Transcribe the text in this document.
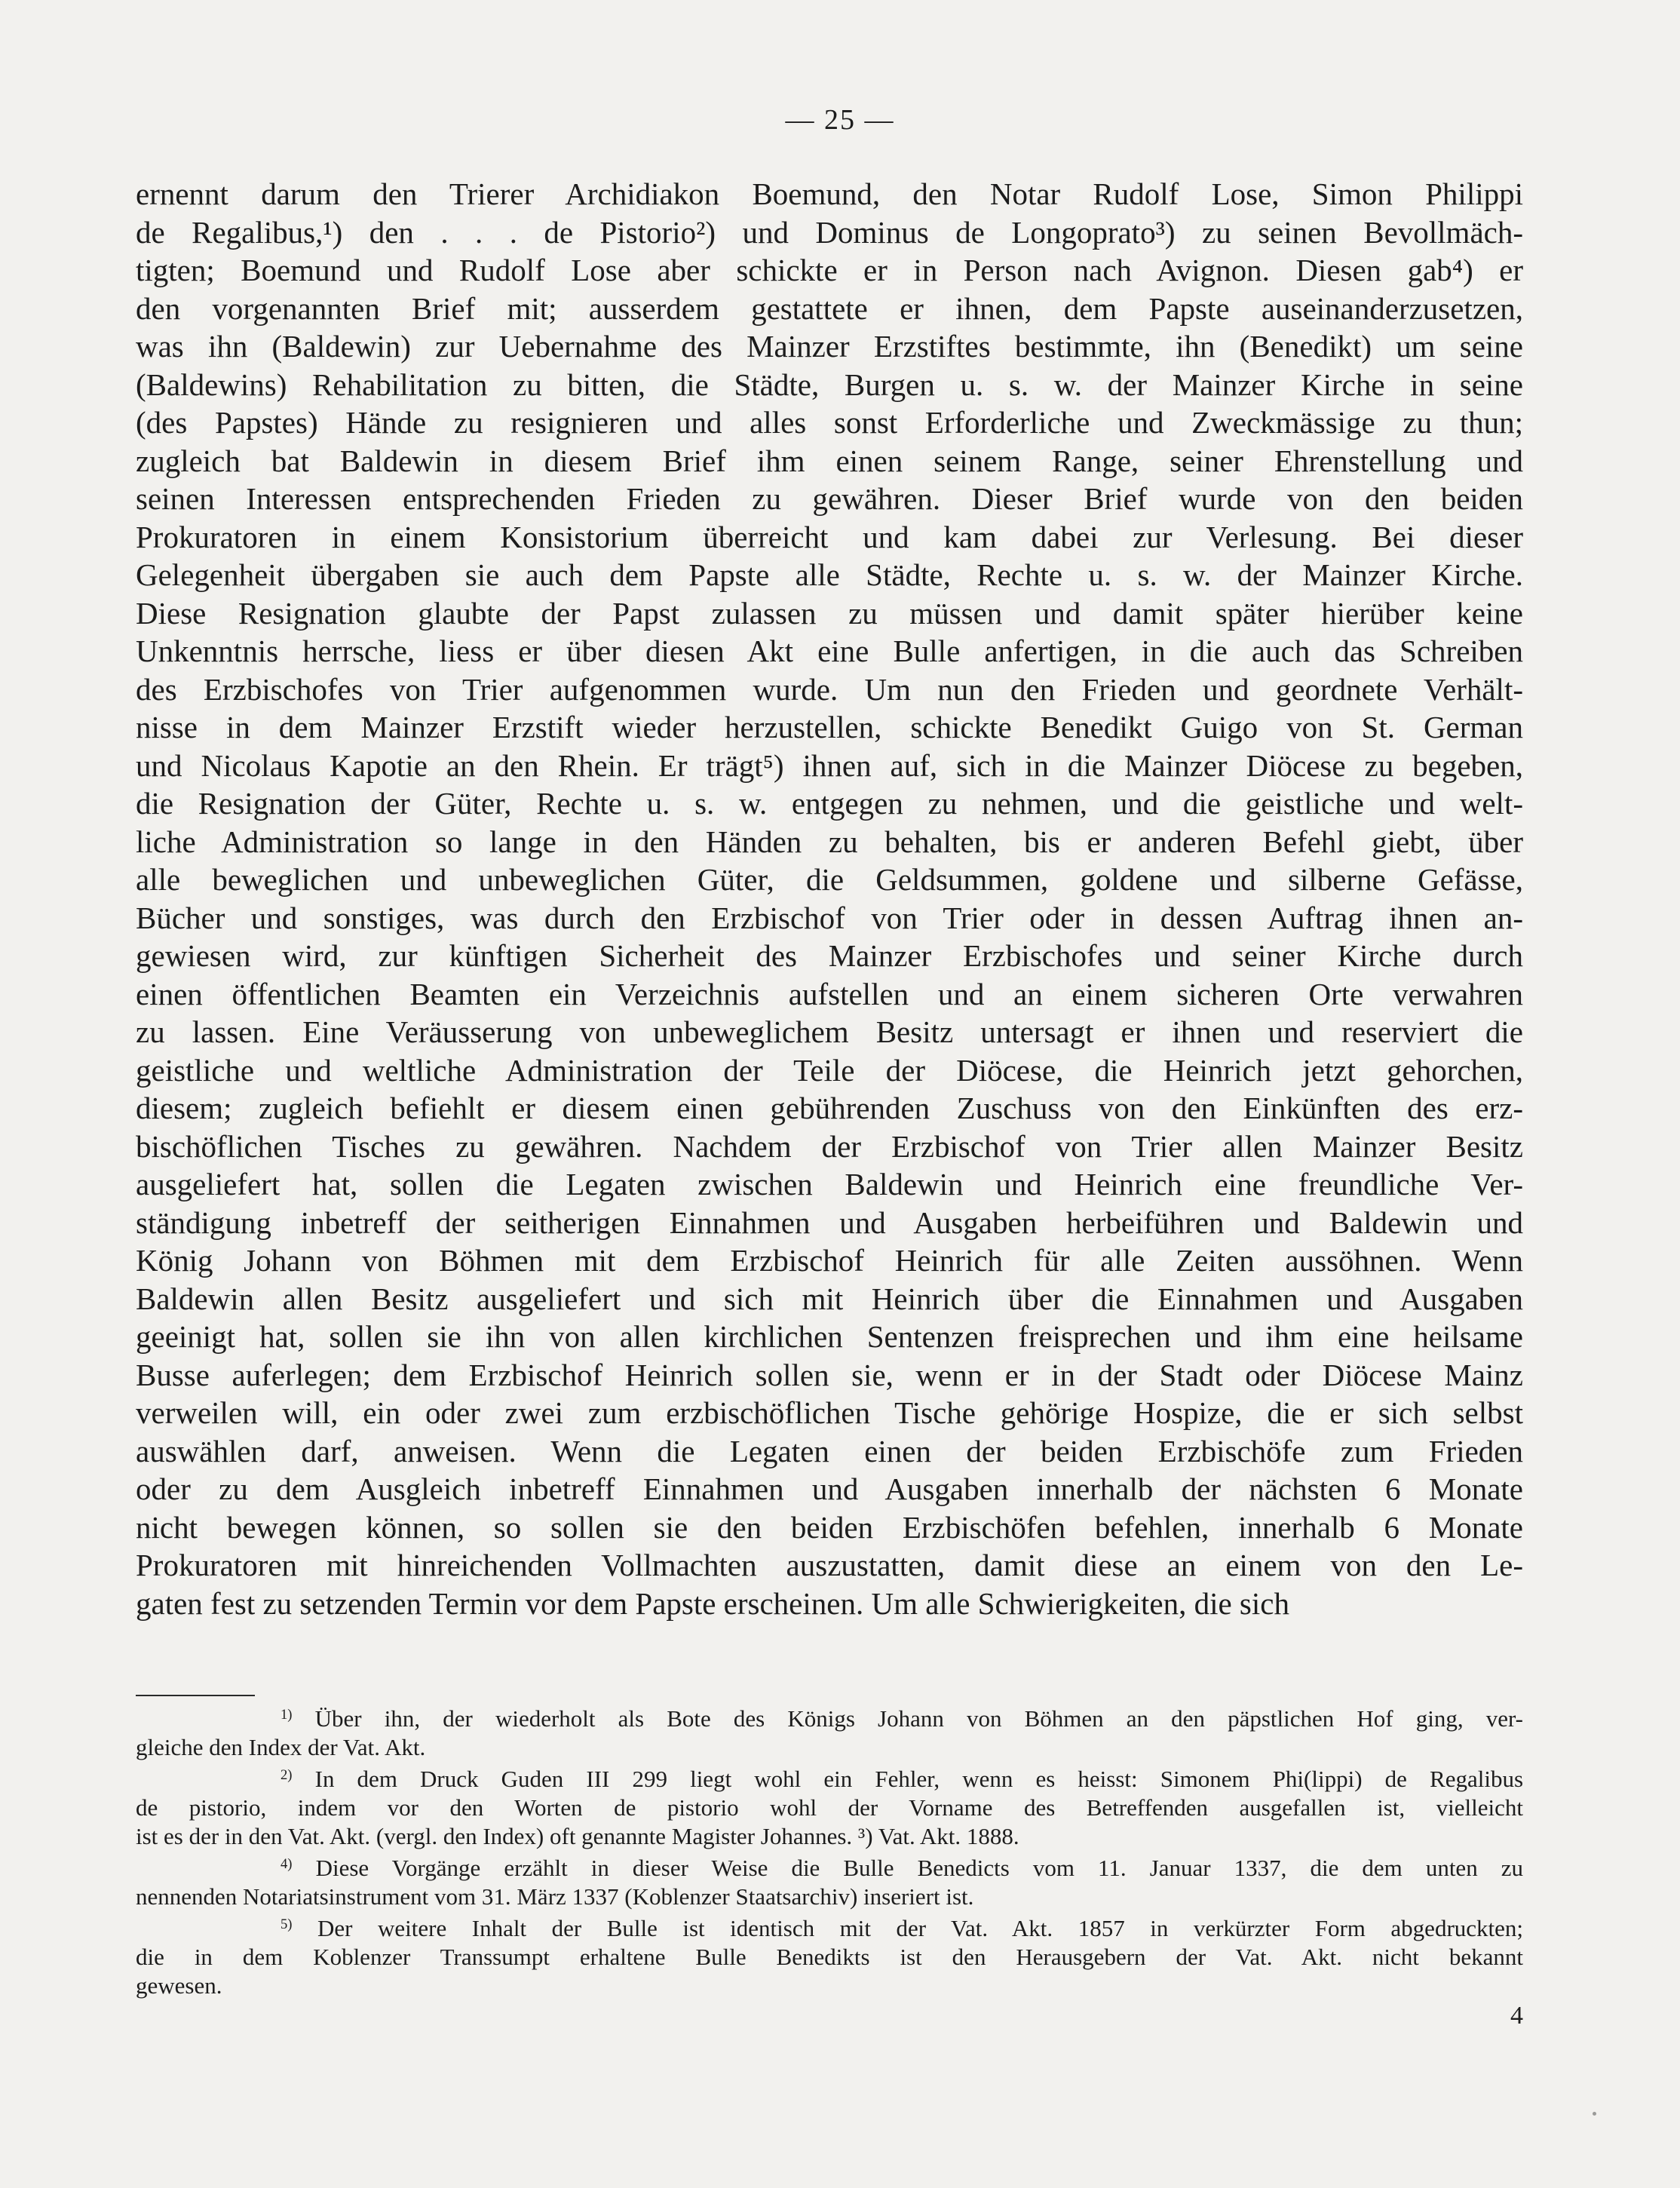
— 25 —
ernennt darum den Trierer Archidiakon Boemund, den Notar Rudolf Lose, Simon Philippi
de Regalibus,¹) den . . . de Pistorio²) und Dominus de Longoprato³) zu seinen Bevollmäch-
tigten; Boemund und Rudolf Lose aber schickte er in Person nach Avignon. Diesen gab⁴) er
den vorgenannten Brief mit; ausserdem gestattete er ihnen, dem Papste auseinanderzusetzen,
was ihn (Baldewin) zur Uebernahme des Mainzer Erzstiftes bestimmte, ihn (Benedikt) um seine
(Baldewins) Rehabilitation zu bitten, die Städte, Burgen u. s. w. der Mainzer Kirche in seine
(des Papstes) Hände zu resignieren und alles sonst Erforderliche und Zweckmässige zu thun;
zugleich bat Baldewin in diesem Brief ihm einen seinem Range, seiner Ehrenstellung und
seinen Interessen entsprechenden Frieden zu gewähren. Dieser Brief wurde von den beiden
Prokuratoren in einem Konsistorium überreicht und kam dabei zur Verlesung. Bei dieser
Gelegenheit übergaben sie auch dem Papste alle Städte, Rechte u. s. w. der Mainzer Kirche.
Diese Resignation glaubte der Papst zulassen zu müssen und damit später hierüber keine
Unkenntnis herrsche, liess er über diesen Akt eine Bulle anfertigen, in die auch das Schreiben
des Erzbischofes von Trier aufgenommen wurde. Um nun den Frieden und geordnete Verhält-
nisse in dem Mainzer Erzstift wieder herzustellen, schickte Benedikt Guigo von St. German
und Nicolaus Kapotie an den Rhein. Er trägt⁵) ihnen auf, sich in die Mainzer Diöcese zu begeben,
die Resignation der Güter, Rechte u. s. w. entgegen zu nehmen, und die geistliche und welt-
liche Administration so lange in den Händen zu behalten, bis er anderen Befehl giebt, über
alle beweglichen und unbeweglichen Güter, die Geldsummen, goldene und silberne Gefässe,
Bücher und sonstiges, was durch den Erzbischof von Trier oder in dessen Auftrag ihnen an-
gewiesen wird, zur künftigen Sicherheit des Mainzer Erzbischofes und seiner Kirche durch
einen öffentlichen Beamten ein Verzeichnis aufstellen und an einem sicheren Orte verwahren
zu lassen. Eine Veräusserung von unbeweglichem Besitz untersagt er ihnen und reserviert die
geistliche und weltliche Administration der Teile der Diöcese, die Heinrich jetzt gehorchen,
diesem; zugleich befiehlt er diesem einen gebührenden Zuschuss von den Einkünften des erz-
bischöflichen Tisches zu gewähren. Nachdem der Erzbischof von Trier allen Mainzer Besitz
ausgeliefert hat, sollen die Legaten zwischen Baldewin und Heinrich eine freundliche Ver-
ständigung inbetreff der seitherigen Einnahmen und Ausgaben herbeiführen und Baldewin und
König Johann von Böhmen mit dem Erzbischof Heinrich für alle Zeiten aussöhnen. Wenn
Baldewin allen Besitz ausgeliefert und sich mit Heinrich über die Einnahmen und Ausgaben
geeinigt hat, sollen sie ihn von allen kirchlichen Sentenzen freisprechen und ihm eine heilsame
Busse auferlegen; dem Erzbischof Heinrich sollen sie, wenn er in der Stadt oder Diöcese Mainz
verweilen will, ein oder zwei zum erzbischöflichen Tische gehörige Hospize, die er sich selbst
auswählen darf, anweisen. Wenn die Legaten einen der beiden Erzbischöfe zum Frieden
oder zu dem Ausgleich inbetreff Einnahmen und Ausgaben innerhalb der nächsten 6 Monate
nicht bewegen können, so sollen sie den beiden Erzbischöfen befehlen, innerhalb 6 Monate
Prokuratoren mit hinreichenden Vollmachten auszustatten, damit diese an einem von den Le-
gaten fest zu setzenden Termin vor dem Papste erscheinen. Um alle Schwierigkeiten, die sich
$^{1)}$ Über ihn, der wiederholt als Bote des Königs Johann von Böhmen an den päpstlichen Hof ging, ver-
gleiche den Index der Vat. Akt.
$^{2)}$ In dem Druck Guden III 299 liegt wohl ein Fehler, wenn es heisst: Simonem Phi(lippi) de Regalibus
de pistorio, indem vor den Worten de pistorio wohl der Vorname des Betreffenden ausgefallen ist, vielleicht
ist es der in den Vat. Akt. (vergl. den Index) oft genannte Magister Johannes. ³) Vat. Akt. 1888.
$^{4)}$ Diese Vorgänge erzählt in dieser Weise die Bulle Benedicts vom 11. Januar 1337, die dem unten zu
nennenden Notariatsinstrument vom 31. März 1337 (Koblenzer Staatsarchiv) inseriert ist.
$^{5)}$ Der weitere Inhalt der Bulle ist identisch mit der Vat. Akt. 1857 in verkürzter Form abgedruckten;
die in dem Koblenzer Transsumpt erhaltene Bulle Benedikts ist den Herausgebern der Vat. Akt. nicht bekannt
gewesen.
4
